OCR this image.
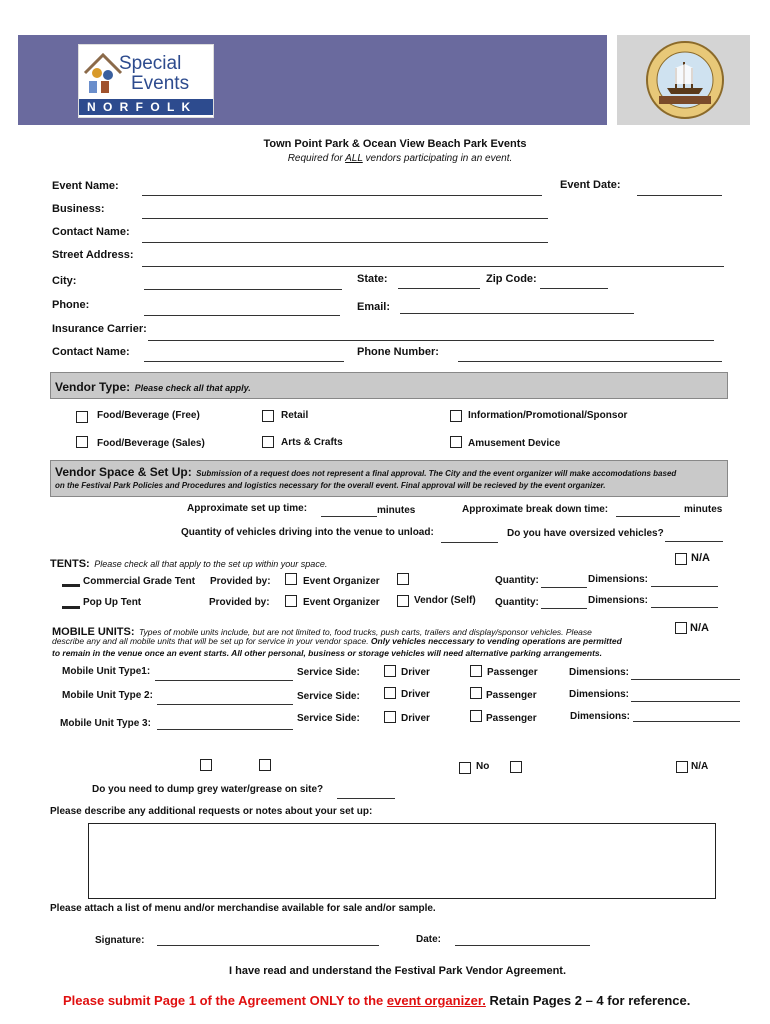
Special
Events
N O R F O L K
Town Point Park & Ocean View Beach Park Events
Required for ALL vendors participating in an event.
Event Name:	Event Date:
Business:
Contact Name:
Street Address:
City:	State:	Zip Code:
Phone:	Email:
Insurance Carrier:
Contact Name:	Phone Number:
Vendor Type: Please check all that apply.
Food/Beverage (Free)	Retail	Information/Promotional/Sponsor
Food/Beverage (Sales)	Arts & Crafts	Amusement Device
Vendor Space & Set Up: Submission of a request does not represent a final approval. The City and the event organizer will make accomodations based
on the Festival Park Policies and Procedures and logistics necessary for the overall event. Final approval will be recieved by the event organizer.
Approximate set up time:	minutes	Approximate break down time:	minutes
Quantity of vehicles driving into the venue to unload:	Do you have oversized vehicles?
TENTS: Please check all that apply to the set up within your space.	N/A
Commercial Grade Tent Provided by:	Event Organizer	Quantity:	Dimensions:
Pop Up Tent	Provided by:	Event Organizer	Vendor (Self) Quantity:	Dimensions:
MOBILE UNITS: Types of mobile units include, but are not limited to, food trucks, push carts, trailers and display/sponsor vehicles. Please
describe any and all mobile units that will be set up for service in your vendor space. Only vehicles neccessary to vending operations are permitted
to remain in the venue once an event starts. All other personal, business or storage vehicles will need alternative parking arrangements.
N/A
Mobile Unit Type1:	Service Side:	Driver	Passenger	Dimensions:
Mobile Unit Type 2:	Service Side:	Driver	Passenger	Dimensions:
Mobile Unit Type 3:	Service Side:	Driver	Passenger	Dimensions:
No	N/A
Do you need to dump grey water/grease on site?
Please describe any additional requests or notes about your set up:
Please attach a list of menu and/or merchandise available for sale and/or sample.
Signature:	Date:
I have read and understand the Festival Park Vendor Agreement.
Please submit Page 1 of the Agreement ONLY to the event organizer. Retain Pages 2 – 4 for reference.
